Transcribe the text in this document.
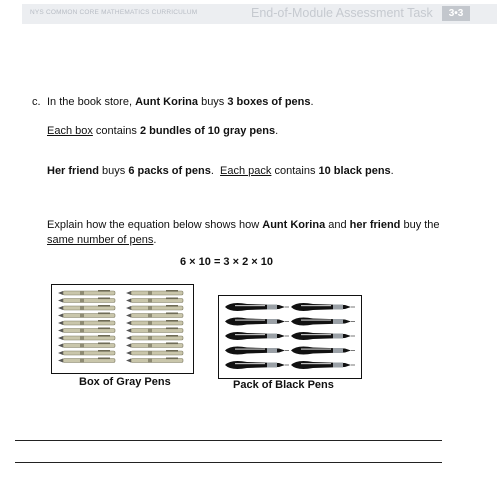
NYS COMMON CORE MATHEMATICS CURRICULUM	End-of-Module Assessment Task	3•3
c. In the book store, Aunt Korina buys 3 boxes of pens.
Each box contains 2 bundles of 10 gray pens.
Her friend buys 6 packs of pens.  Each pack contains 10 black pens.
Explain how the equation below shows how Aunt Korina and her friend buy the
same number of pens.
6 × 10 = 3 × 2 × 10
Box of Gray Pens	Pack of Black Pens
